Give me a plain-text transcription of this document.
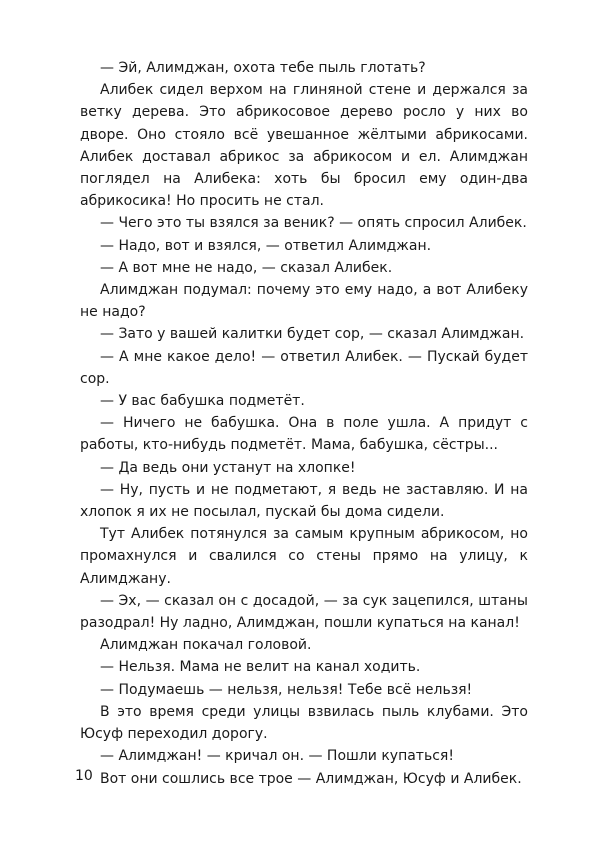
— Эй, Алимджан, охота тебе пыль глотать?

Алибек сидел верхом на глиняной стене и держался за ветку дерева. Это абрикосовое дерево росло у них во дворе. Оно стояло всё увешанное жёлтыми абрикосами. Алибек доставал абрикос за абрикосом и ел. Алимджан поглядел на Алибека: хоть бы бросил ему один-два абрикосика! Но просить не стал.

— Чего это ты взялся за веник? — опять спросил Алибек.

— Надо, вот и взялся, — ответил Алимджан.

— А вот мне не надо, — сказал Алибек.

Алимджан подумал: почему это ему надо, а вот Алибеку не надо?

— Зато у вашей калитки будет сор, — сказал Алимджан.

— А мне какое дело! — ответил Алибек. — Пускай будет сор.

— У вас бабушка подметёт.

— Ничего не бабушка. Она в поле ушла. А придут с работы, кто-нибудь подметёт. Мама, бабушка, сёстры...

— Да ведь они устанут на хлопке!

— Ну, пусть и не подметают, я ведь не заставляю. И на хлопок я их не посылал, пускай бы дома сидели.

Тут Алибек потянулся за самым крупным абрикосом, но промахнулся и свалился со стены прямо на улицу, к Алимджану.

— Эх, — сказал он с досадой, — за сук зацепился, штаны разодрал! Ну ладно, Алимджан, пошли купаться на канал!

Алимджан покачал головой.

— Нельзя. Мама не велит на канал ходить.

— Подумаешь — нельзя, нельзя! Тебе всё нельзя!

В это время среди улицы взвилась пыль клубами. Это Юсуф переходил дорогу.

— Алимджан! — кричал он. — Пошли купаться!

Вот они сошлись все трое — Алимджан, Юсуф и Алибек.

10
